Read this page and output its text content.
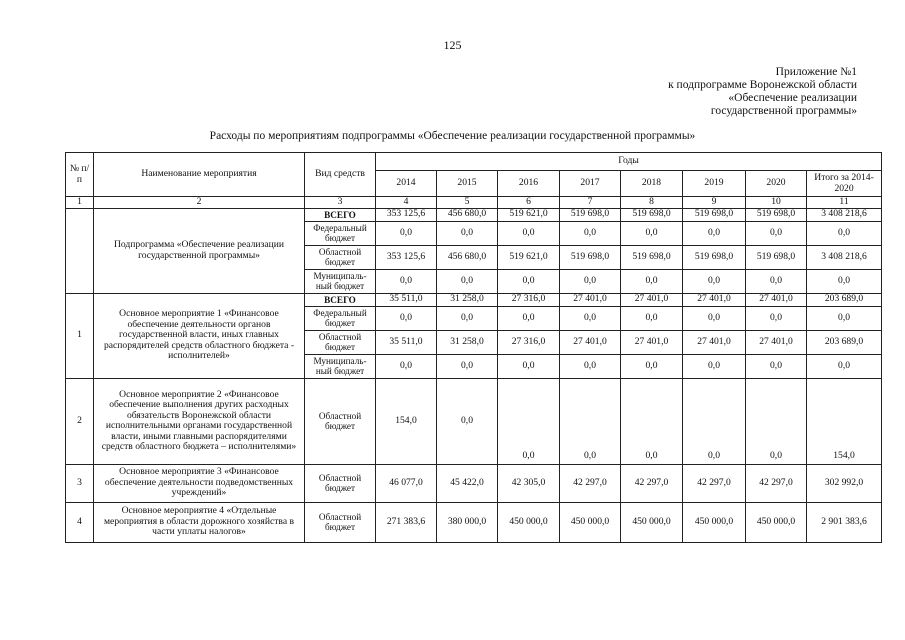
125
Приложение №1
к подпрограмме Воронежской области
«Обеспечение реализации
государственной программы»
Расходы по мероприятиям подпрограммы «Обеспечение реализации государственной программы»
№ п/п	Наименование мероприятия	Вид средств	Годы							
			2014	2015	2016	2017	2018	2019	2020	Итого за 2014-2020
1	2	3	4	5	6	7	8	9	10	11
	Подпрограмма «Обеспечение реализации государственной программы»	ВСЕГО	353 125,6	456 680,0	519 621,0	519 698,0	519 698,0	519 698,0	519 698,0	3 408 218,6
		Федеральный бюджет	0,0	0,0	0,0	0,0	0,0	0,0	0,0	0,0
		Областной бюджет	353 125,6	456 680,0	519 621,0	519 698,0	519 698,0	519 698,0	519 698,0	3 408 218,6
		Муниципаль-ный бюджет	0,0	0,0	0,0	0,0	0,0	0,0	0,0	0,0
1	Основное мероприятие 1 «Финансовое обеспечение деятельности органов государственной власти, иных главных распорядителей средств областного бюджета - исполнителей»	ВСЕГО	35 511,0	31 258,0	27 316,0	27 401,0	27 401,0	27 401,0	27 401,0	203 689,0
		Федеральный бюджет	0,0	0,0	0,0	0,0	0,0	0,0	0,0	0,0
		Областной бюджет	35 511,0	31 258,0	27 316,0	27 401,0	27 401,0	27 401,0	27 401,0	203 689,0
		Муниципаль-ный бюджет	0,0	0,0	0,0	0,0	0,0	0,0	0,0	0,0
2	Основное мероприятие 2 «Финансовое обеспечение выполнения других расходных обязательств Воронежской области исполнительными органами государственной власти, иными главными распорядителями средств областного бюджета – исполнителями»	Областной бюджет	154,0	0,0	0,0	0,0	0,0	0,0	0,0	154,0
3	Основное мероприятие 3 «Финансовое обеспечение деятельности подведомственных учреждений»	Областной бюджет	46 077,0	45 422,0	42 305,0	42 297,0	42 297,0	42 297,0	42 297,0	302 992,0
4	Основное мероприятие 4 «Отдельные мероприятия в области дорожного хозяйства в части уплаты налогов»	Областной бюджет	271 383,6	380 000,0	450 000,0	450 000,0	450 000,0	450 000,0	450 000,0	2 901 383,6
